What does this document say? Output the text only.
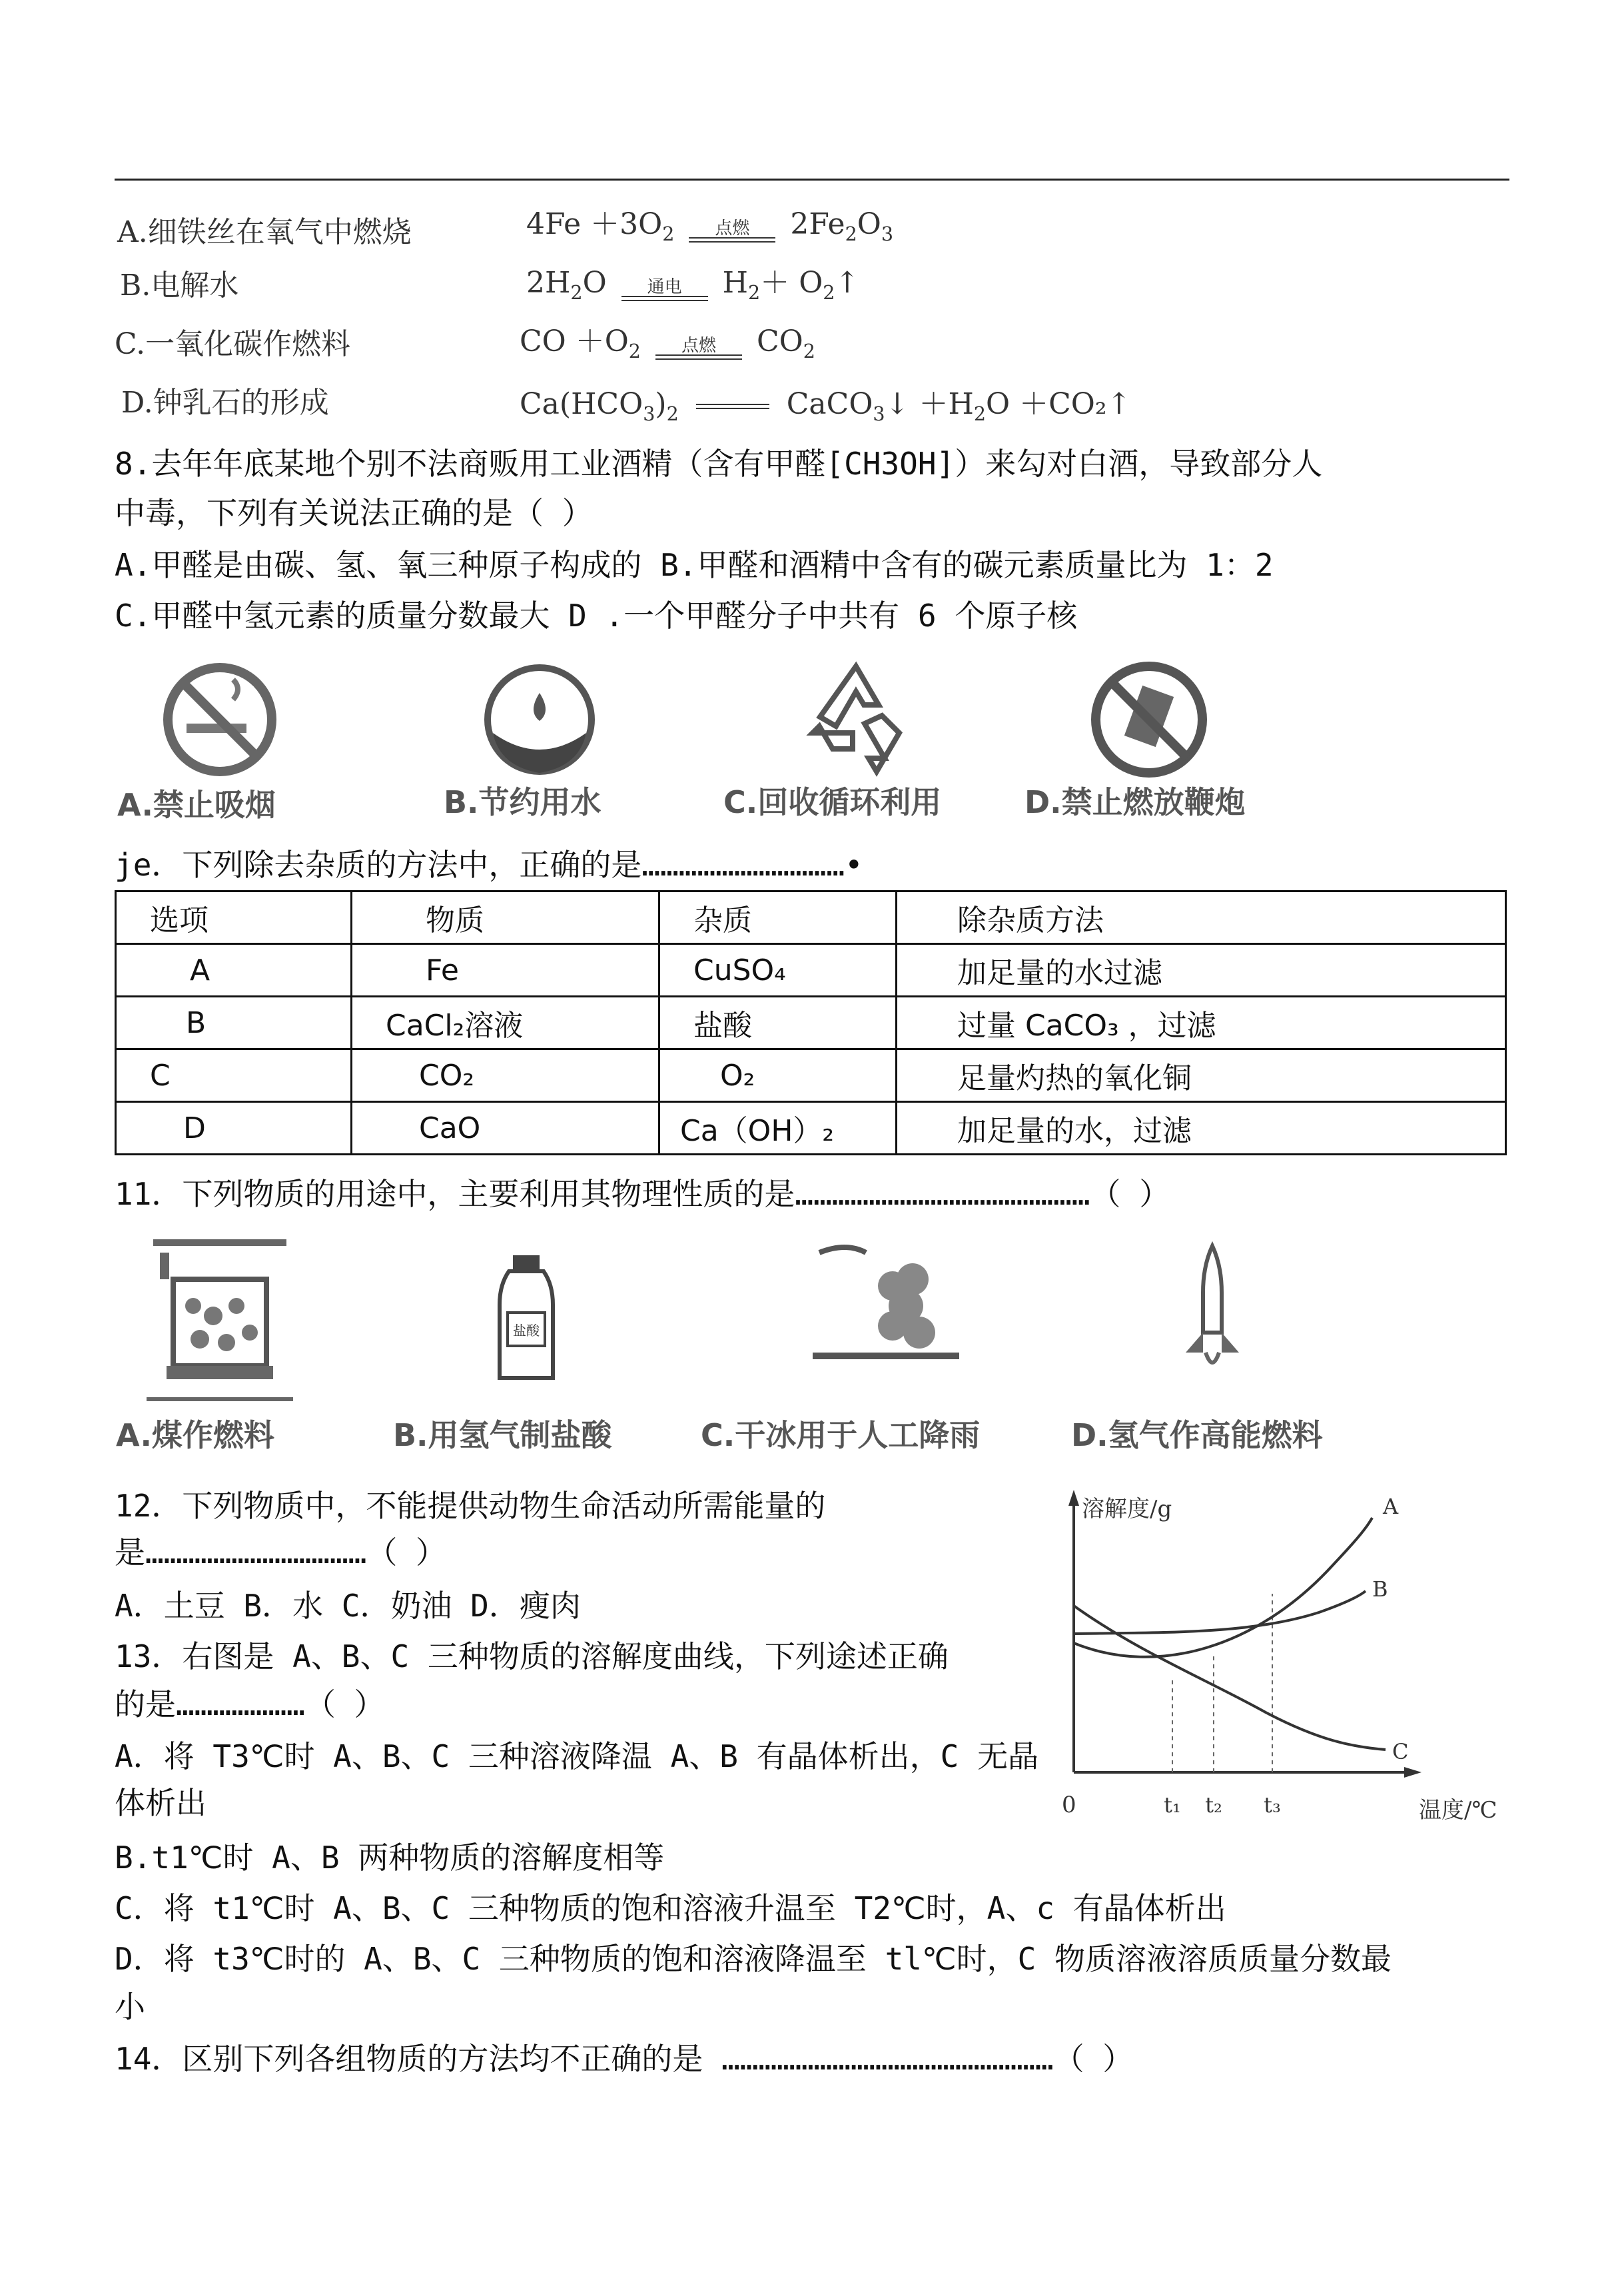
A.细铁丝在氧气中燃烧	$4Fe +3O_2$	点燃	$2Fe_2O_3$
B.电解水	$2H_2O$	通电	$H_2+$ $O_2↑$
C.一氧化碳作燃料	CO $+O_2$	点燃	$CO_2$
D.钟乳石的形成	$Ca(HCO_3)_2$	CaCO$_3$↓ $+H_2O$ ＋CO₂↑
8.去年年底某地个别不法商贩用工业酒精（含有甲醛[CH3OH]）来勾对白酒，导致部分人
中毒，下列有关说法正确的是（ ）
A.甲醛是由碳、氢、氧三种原子构成的 B.甲醛和酒精中含有的碳元素质量比为 1：2
C.甲醛中氢元素的质量分数最大 D .一个甲醛分子中共有 6 个原子核
A.禁止吸烟	B.节约用水	C.回收循环利用	D.禁止燃放鞭炮
je．下列除去杂质的方法中，正确的是……………………………•
选项	物质	杂质	除杂质方法
A	Fe	CuSO₄	加足量的水过滤
B	CaCl₂溶液	盐酸	过量 CaCO₃ ，过滤
C	CO₂	O₂	足量灼热的氧化铜
D	CaO	Ca（OH）₂	加足量的水，过滤
11．下列物质的用途中，主要利用其物理性质的是…………………………………………（ ）
盐酸
A.煤作燃料	B.用氢气制盐酸	C.干冰用于人工降雨	D.氢气作高能燃料
12．下列物质中，不能提供动物生命活动所需能量的
是………………………………（ ）
A．土豆 B．水 C．奶油 D．瘦肉
13．右图是 A、B、C 三种物质的溶解度曲线，下列途述正确
的是…………………（ ）
A．将 T3℃时 A、B、C 三种溶液降温 A、B 有晶体析出，C 无晶
体析出
B.t1℃时 A、B 两种物质的溶解度相等
C．将 t1℃时 A、B、C 三种物质的饱和溶液升温至 T2℃时，A、c 有晶体析出
D．将 t3℃时的 A、B、C 三种物质的饱和溶液降温至 tl℃时，C 物质溶液溶质质量分数最
小
溶解度/g
0	温度/℃
t₁ t₂ t₃
A
B
C
14．区别下列各组物质的方法均不正确的是 ………………………………………………（ ）
